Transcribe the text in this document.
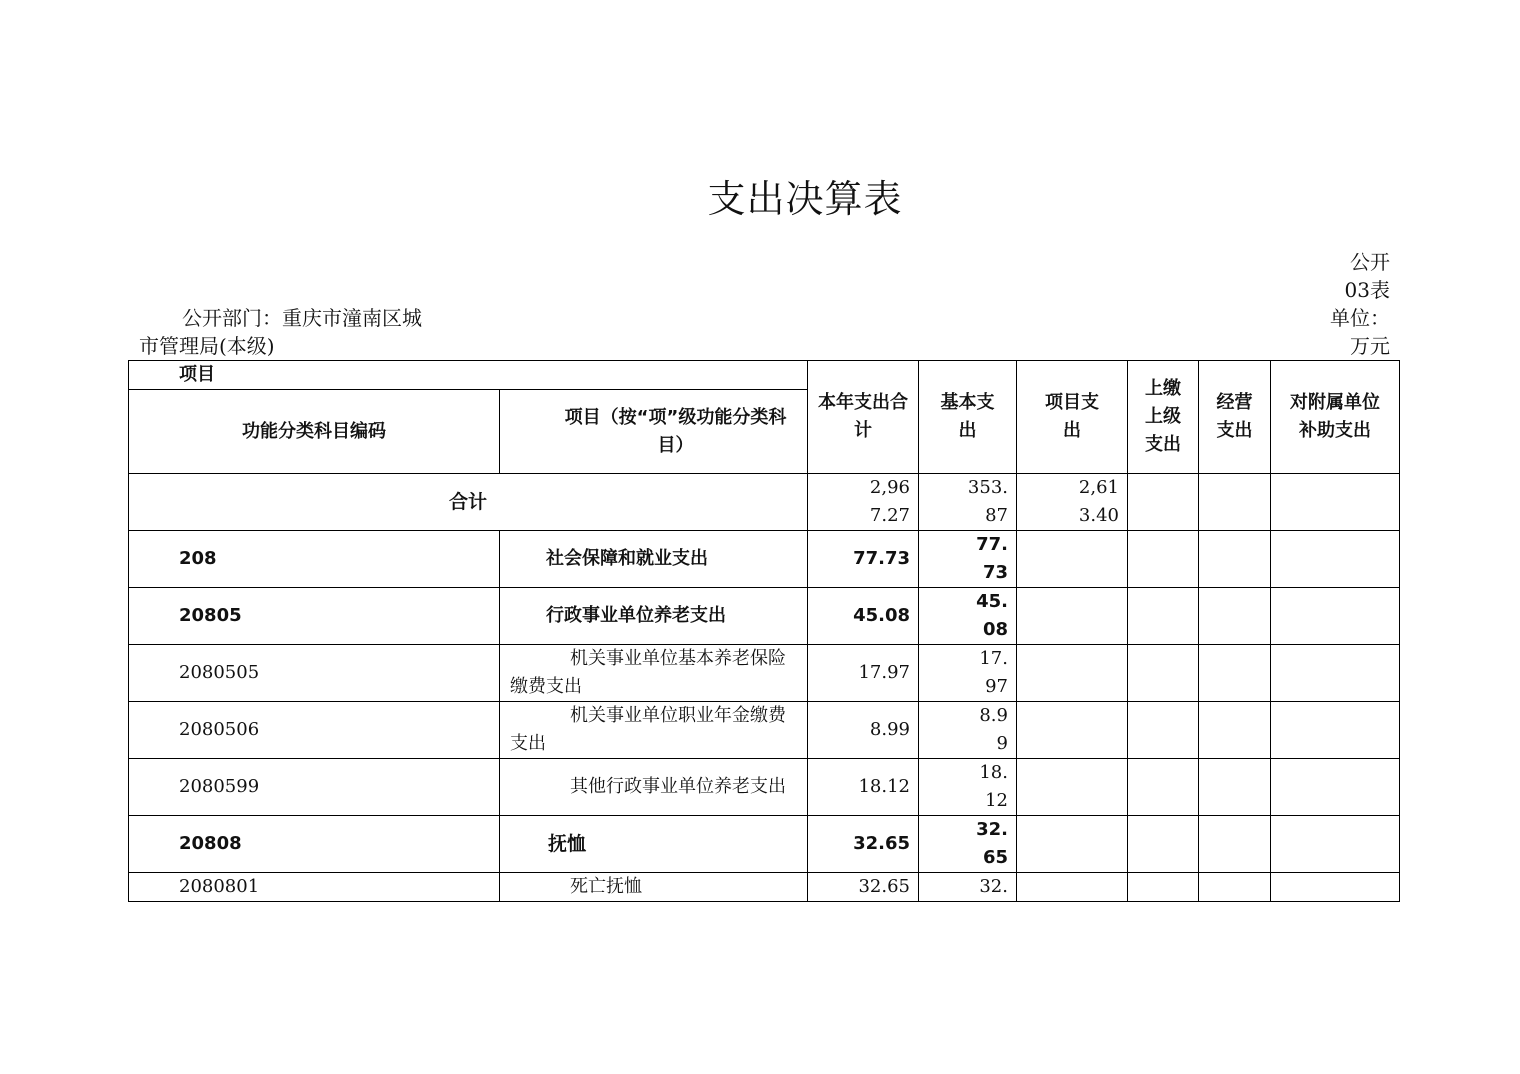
支出决算表
公开
03表
公开部门：重庆市潼南区城
市管理局(本级)
单位：
万元
项目		本年支出合计	基本支出	项目支出	上缴上级支出	经营支出	对附属单位补助支出
功能分类科目编码	项目（按“项”级功能分类科目）						
合计		2,967.27	353.87	2,613.40			
208	社会保障和就业支出	77.73	77.73				
20805	行政事业单位养老支出	45.08	45.08				
2080505	机关事业单位基本养老保险缴费支出	17.97	17.97				
2080506	机关事业单位职业年金缴费支出	8.99	8.99				
2080599	其他行政事业单位养老支出	18.12	18.12				
20808	抚恤	32.65	32.65				
2080801	死亡抚恤	32.65	32.				
